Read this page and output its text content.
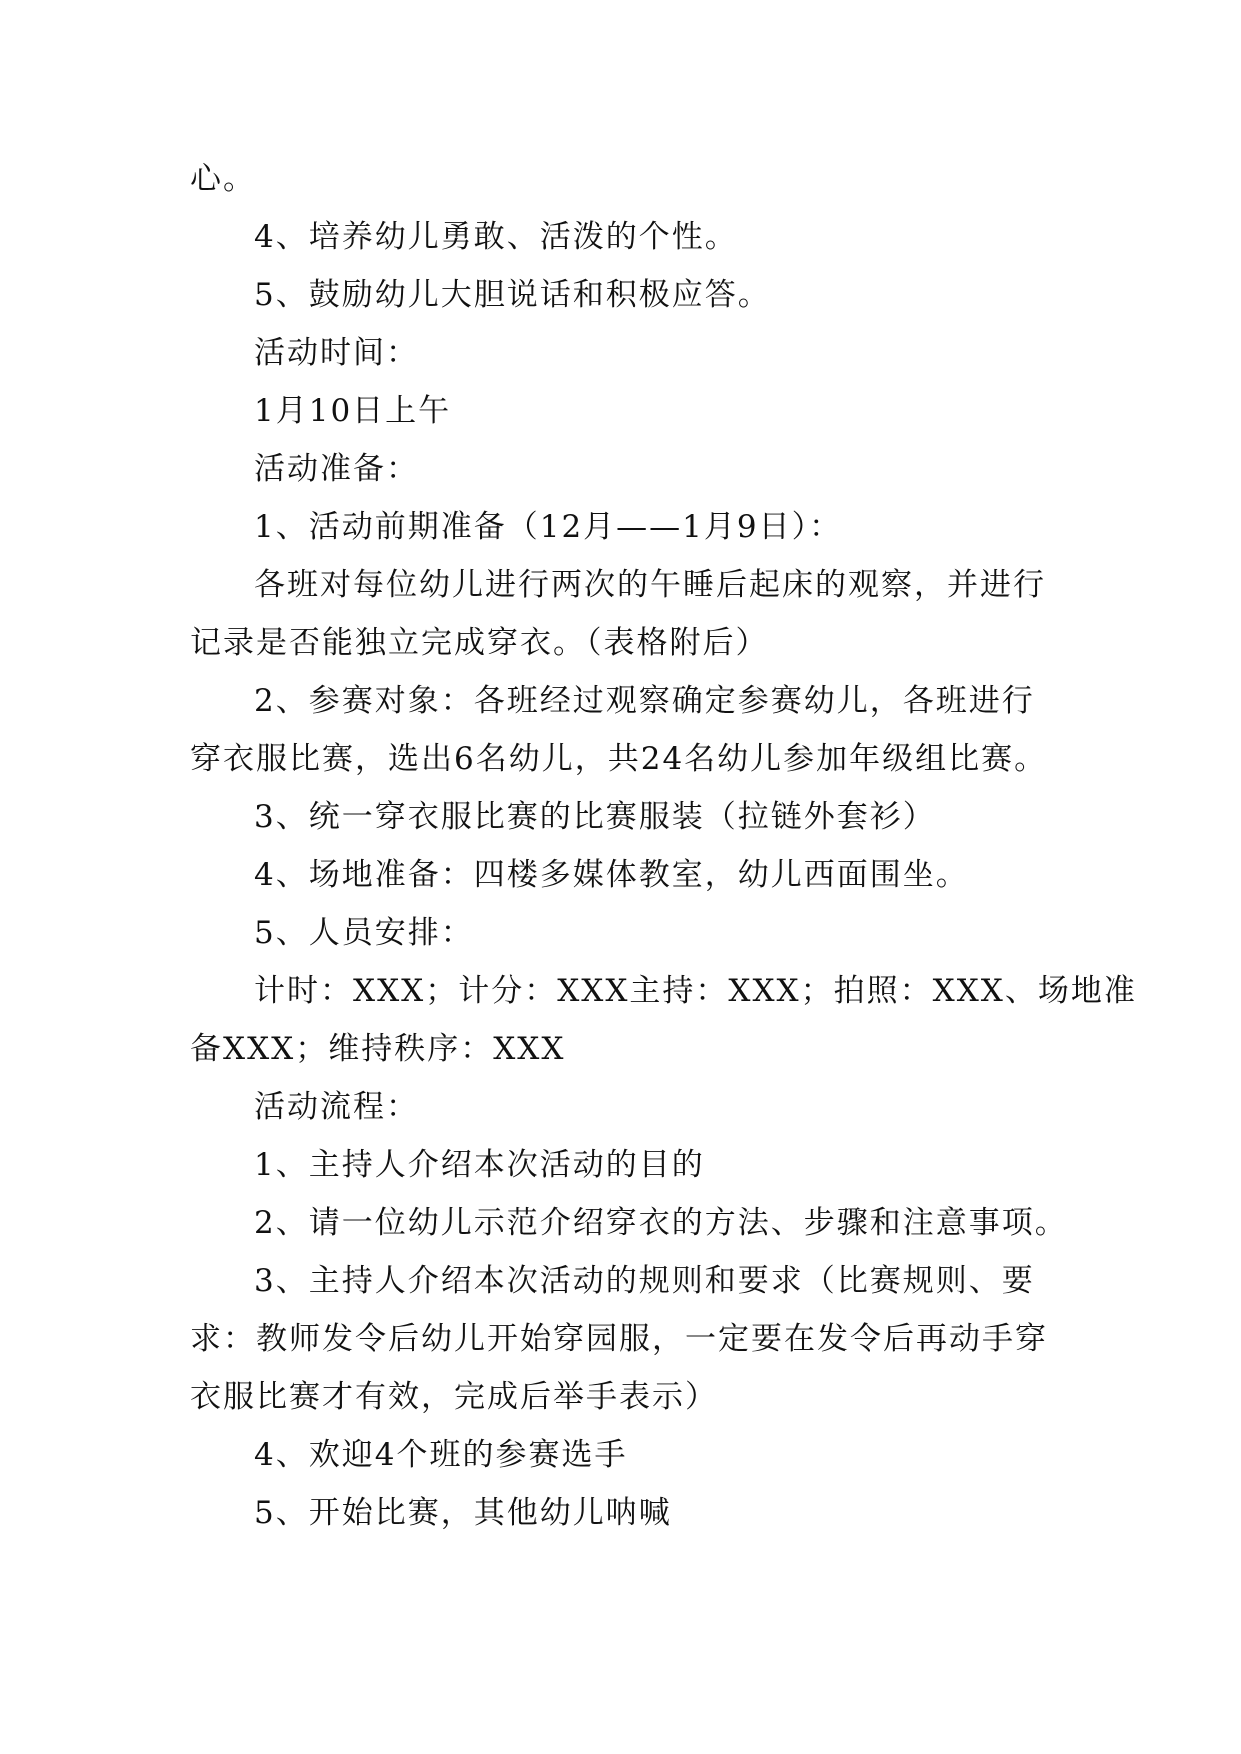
心。
4、培养幼儿勇敢、活泼的个性。
5、鼓励幼儿大胆说话和积极应答。
活动时间：
1月10日上午
活动准备：
1、活动前期准备（12月——1月9日）：
各班对每位幼儿进行两次的午睡后起床的观察，并进行
记录是否能独立完成穿衣。（表格附后）
2、参赛对象：各班经过观察确定参赛幼儿，各班进行
穿衣服比赛，选出6名幼儿，共24名幼儿参加年级组比赛。
3、统一穿衣服比赛的比赛服装（拉链外套衫）
4、场地准备：四楼多媒体教室，幼儿西面围坐。
5、人员安排：
计时：XXX；计分：XXX主持：XXX；拍照：XXX、场地准
备XXX；维持秩序：XXX
活动流程：
1、主持人介绍本次活动的目的
2、请一位幼儿示范介绍穿衣的方法、步骤和注意事项。
3、主持人介绍本次活动的规则和要求（比赛规则、要
求：教师发令后幼儿开始穿园服，一定要在发令后再动手穿
衣服比赛才有效，完成后举手表示）
4、欢迎4个班的参赛选手
5、开始比赛，其他幼儿呐喊
